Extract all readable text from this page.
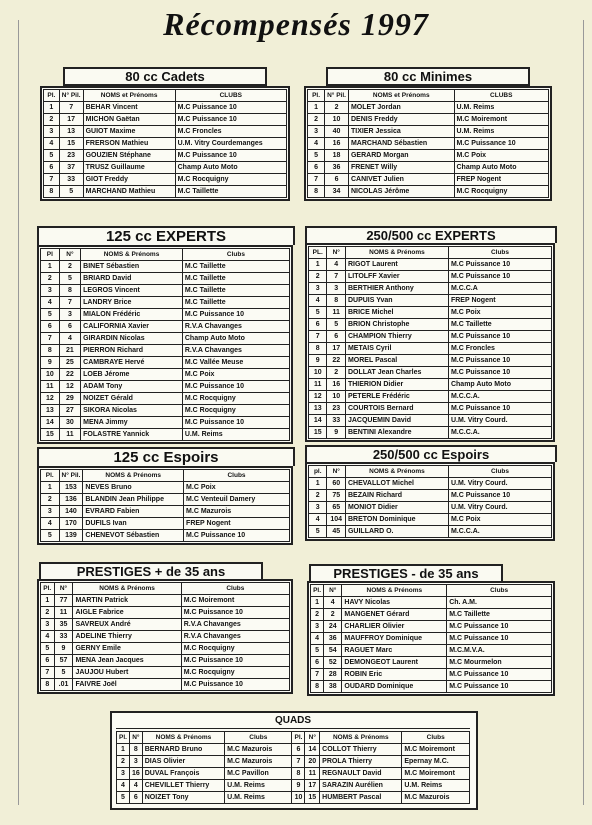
Récompensés 1997
80 cc Cadets
Pl.	N° Pil.	NOMS et Prénoms	CLUBS
1	7	BEHAR Vincent	M.C Puissance 10
2	17	MICHON Gaëtan	M.C Puissance 10
3	13	GUIOT Maxime	M.C Froncles
4	15	FRERSON Mathieu	U.M. Vitry Courdemanges
5	23	GOUZIEN Stéphane	M.C Puissance 10
6	37	TRUSZ Guillaume	Champ Auto Moto
7	33	GIOT Freddy	M.C Rocquigny
8	5	MARCHAND Mathieu	M.C Taillette
80 cc Minimes
Pl.	N° Pil.	NOMS et Prénoms	CLUBS
1	2	MOLET Jordan	U.M. Reims
2	10	DENIS Freddy	M.C Moiremont
3	40	TIXIER Jessica	U.M. Reims
4	16	MARCHAND Sébastien	M.C Puissance 10
5	18	GERARD Morgan	M.C Poix
6	36	FRENET Willy	Champ Auto Moto
7	6	CANIVET Julien	FREP Nogent
8	34	NICOLAS Jérôme	M.C Rocquigny
125 cc EXPERTS
Pl	N°	NOMS & Prénoms	Clubs
1	2	BINET Sébastien	M.C Taillette
2	5	BRIARD David	M.C Taillette
3	8	LEGROS Vincent	M.C Taillette
4	7	LANDRY Brice	M.C Taillette
5	3	MIALON Frédéric	M.C Puissance 10
6	6	CALIFORNIA Xavier	R.V.A Chavanges
7	4	GIRARDIN Nicolas	Champ Auto Moto
8	21	PIERRON Richard	R.V.A Chavanges
9	25	CAMBRAYE Hervé	M.C Vallée Meuse
10	22	LOEB Jérome	M.C Poix
11	12	ADAM Tony	M.C Puissance 10
12	29	NOIZET Gérald	M.C Rocquigny
13	27	SIKORA Nicolas	M.C Rocquigny
14	30	MENA Jimmy	M.C Puissance 10
15	11	FOLASTRE Yannick	U.M. Reims
250/500 cc EXPERTS
PL.	N°	NOMS & Prénoms	Clubs
1	4	RIGOT Laurent	M.C Puissance 10
2	7	LITOLFF Xavier	M.C Puissance 10
3	3	BERTHIER Anthony	M.C.C.A
4	8	DUPUIS Yvan	FREP Nogent
5	11	BRICE Michel	M.C Poix
6	5	BRION Christophe	M.C Taillette
7	6	CHAMPION Thierry	M.C Puissance 10
8	17	METAIS Cyril	M.C Froncles
9	22	MOREL Pascal	M.C Puissance 10
10	2	DOLLAT Jean Charles	M.C Puissance 10
11	16	THIERION Didier	Champ Auto Moto
12	10	PETERLE Frédéric	M.C.C.A.
13	23	COURTOIS Bernard	M.C Puissance 10
14	33	JACQUEMIN David	U.M. Vitry Courd.
15	9	BENTINI Alexandre	M.C.C.A.
125 cc Espoirs
Pl.	N° Pil.	NOMS & Prénoms	Clubs
1	153	NEVES Bruno	M.C Poix
2	136	BLANDIN Jean Philippe	M.C Venteuil Damery
3	140	EVRARD Fabien	M.C Mazurois
4	170	DUFILS Ivan	FREP Nogent
5	139	CHENEVOT Sébastien	M.C Puissance 10
250/500 cc Espoirs
pl.	N°	NOMS & Prénoms	Clubs
1	60	CHEVALLOT Michel	U.M. Vitry Courd.
2	75	BEZAIN Richard	M.C Puissance 10
3	65	MONIOT Didier	U.M. Vitry Courd.
4	104	BRETON Dominique	M.C Poix
5	45	GUILLARD O.	M.C.C.A.
PRESTIGES + de 35 ans
Pl.	N°	NOMS & Prénoms	Clubs
1	77	MARTIN Patrick	M.C Moiremont
2	11	AIGLE Fabrice	M.C Puissance 10
3	35	SAVREUX André	R.V.A Chavanges
4	33	ADELINE Thierry	R.V.A Chavanges
5	9	GERNY Emile	M.C Rocquigny
6	57	MENA Jean Jacques	M.C Puissance 10
7	5	JAUJOU Hubert	M.C Rocquigny
8	.01	FAIVRE Joël	M.C Puissance 10
PRESTIGES - de 35 ans
Pl.	N°	NOMS & Prénoms	Clubs
1	4	HAVY Nicolas	Ch. A.M.
2	2	MANGENET Gérard	M.C Taillette
3	24	CHARLIER Olivier	M.C Puissance 10
4	36	MAUFFROY Dominique	M.C Puissance 10
5	54	RAGUET Marc	M.C.M.V.A.
6	52	DEMONGEOT Laurent	M.C Mourmelon
7	28	ROBIN Eric	M.C Puissance 10
8	38	OUDARD Dominique	M.C Puissance 10
QUADS
Pl.	N°	NOMS & Prénoms	Clubs	Pl.	N°	NOMS & Prénoms	Clubs
1	8	BERNARD Bruno	M.C Mazurois	6	14	COLLOT Thierry	M.C Moiremont
2	3	DIAS Olivier	M.C Mazurois	7	20	PROLA Thierry	Epernay M.C.
3	16	DUVAL François	M.C Pavillon	8	11	REGNAULT David	M.C Moiremont
4	4	CHEVILLET Thierry	U.M. Reims	9	17	SARAZIN Aurélien	U.M. Reims
5	6	NOIZET Tony	U.M. Reims	10	15	HUMBERT Pascal	M.C Mazurois
